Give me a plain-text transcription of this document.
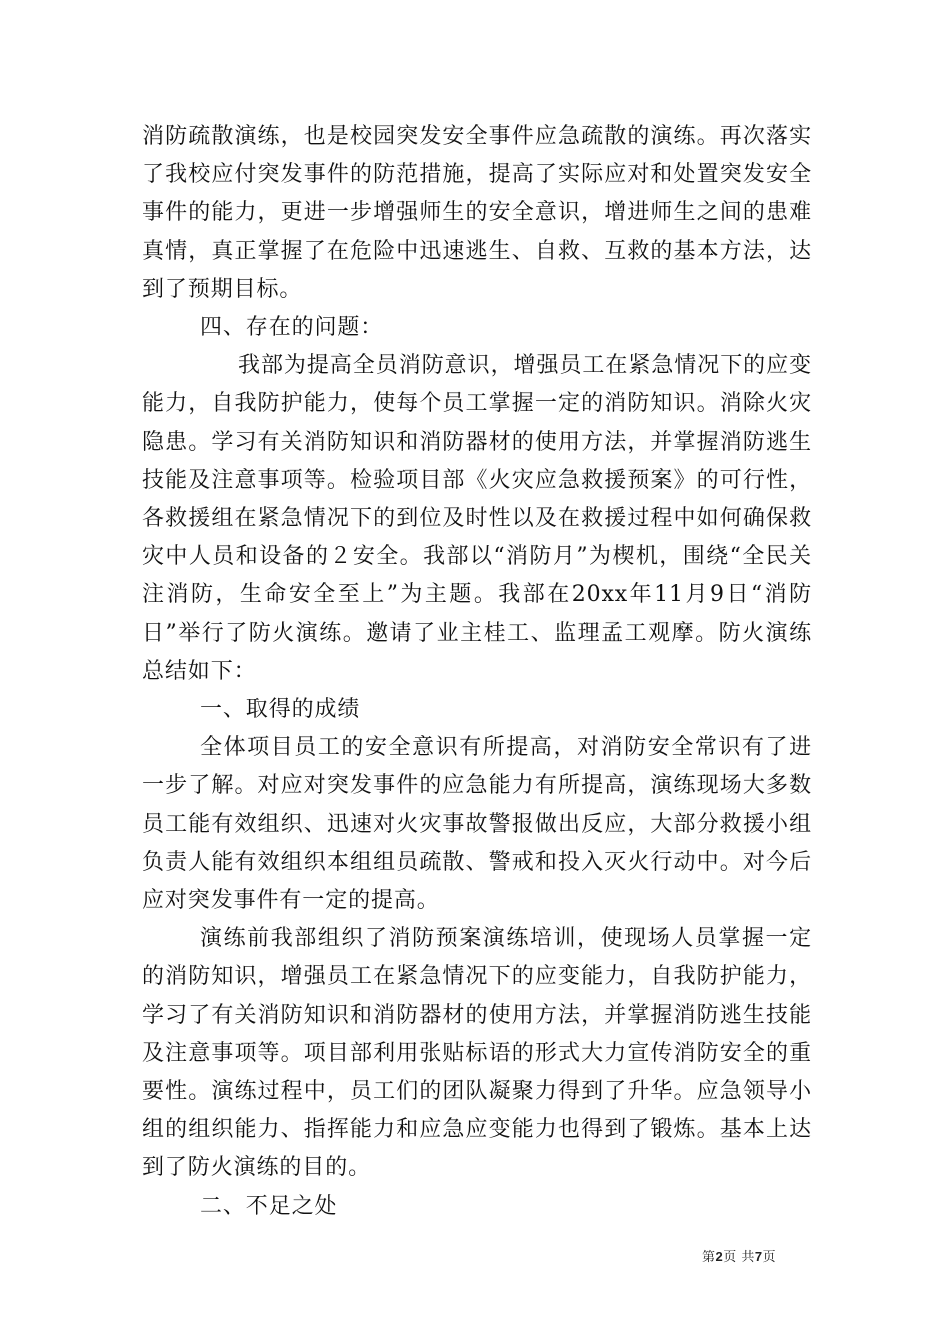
消防疏散演练，也是校园突发安全事件应急疏散的演练。再次落实了我校应付突发事件的防范措施，提高了实际应对和处置突发安全事件的能力，更进一步增强师生的安全意识，增进师生之间的患难真情，真正掌握了在危险中迅速逃生、自救、互救的基本方法，达到了预期目标。

四、存在的问题：

我部为提高全员消防意识，增强员工在紧急情况下的应变能力，自我防护能力，使每个员工掌握一定的消防知识。消除火灾隐患。学习有关消防知识和消防器材的使用方法，并掌握消防逃生技能及注意事项等。检验项目部《火灾应急救援预案》的可行性，各救援组在紧急情况下的到位及时性以及在救援过程中如何确保救灾中人员和设备的２安全。我部以“消防月”为楔机，围绕“全民关注消防，生命安全至上”为主题。我部在20xx年11月9日“消防日”举行了防火演练。邀请了业主桂工、监理孟工观摩。防火演练总结如下：

一、取得的成绩

全体项目员工的安全意识有所提高，对消防安全常识有了进一步了解。对应对突发事件的应急能力有所提高，演练现场大多数员工能有效组织、迅速对火灾事故警报做出反应，大部分救援小组负责人能有效组织本组组员疏散、警戒和投入灭火行动中。对今后应对突发事件有一定的提高。

演练前我部组织了消防预案演练培训，使现场人员掌握一定的消防知识，增强员工在紧急情况下的应变能力，自我防护能力，学习了有关消防知识和消防器材的使用方法，并掌握消防逃生技能及注意事项等。项目部利用张贴标语的形式大力宣传消防安全的重要性。演练过程中，员工们的团队凝聚力得到了升华。应急领导小组的组织能力、指挥能力和应急应变能力也得到了锻炼。基本上达到了防火演练的目的。

二、不足之处

第2页 共7页
